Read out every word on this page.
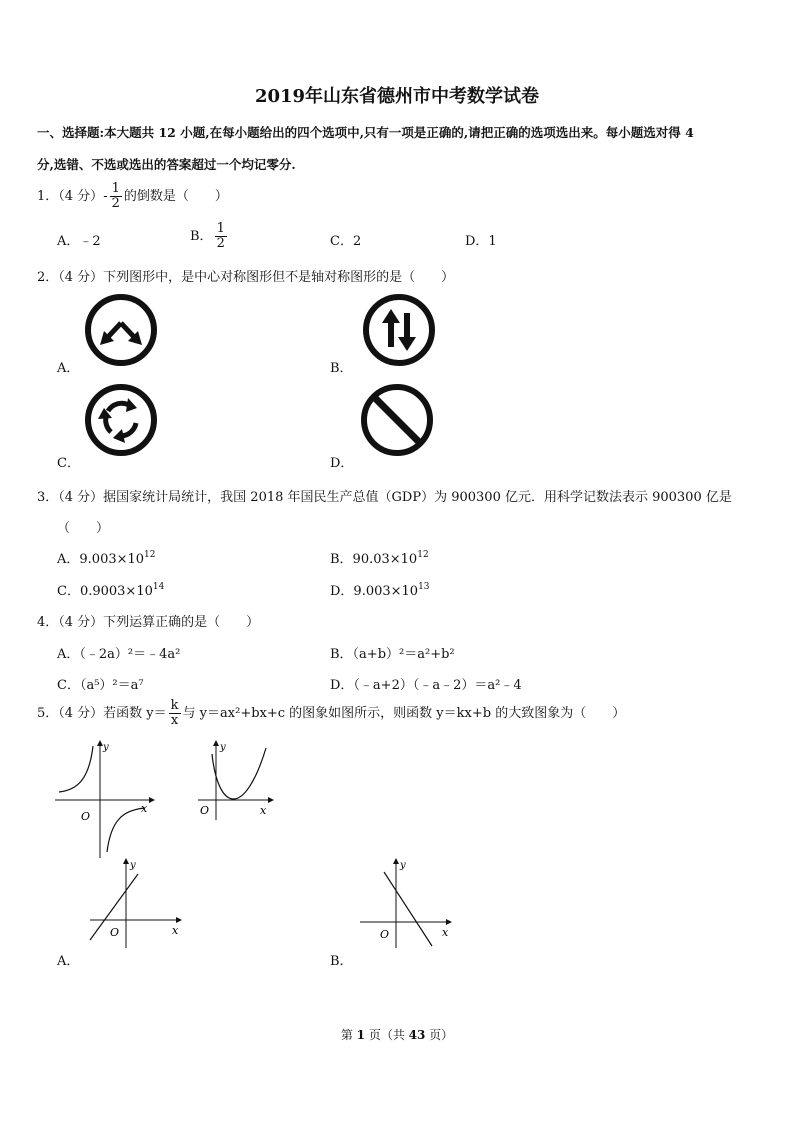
2019年山东省德州市中考数学试卷
一、选择题:本大题共 12 小题,在每小题给出的四个选项中,只有一项是正确的,请把正确的选项选出来。每小题选对得 4
分,选错、不选或选出的答案超过一个均记零分.
1．（4 分）- $\frac{1}{2}$ 的倒数是（　　）
A．﹣2	B． $\frac{1}{2}$	C．2	D．1
2．（4 分）下列图形中，是中心对称图形但不是轴对称图形的是（　　）
A．	B．
C．	D．
3．（4 分）据国家统计局统计，我国 2018 年国民生产总值（GDP）为 900300 亿元．用科学记数法表示 900300 亿是
（　　）
A．$9.003\times 10^{12}$	B．$90.03\times 10^{12}$
C．$0.9003\times 10^{14}$	D．$9.003\times 10^{13}$
4．（4 分）下列运算正确的是（　　）
A．（﹣2a）²＝﹣4a²	B．（a+b）²＝a²+b²
C．（a⁵）²＝a⁷	D．（﹣a+2）（﹣a﹣2）＝a²﹣4
5．（4 分）若函数 $y= \frac{k}{x}$ 与 y＝ax²+bx+c 的图象如图所示，则函数 y＝kx+b 的大致图象为（　　）
O
x
y
O	x
y
O	x
y
A．
O	x
y
B．
第 1 页（共 43 页）
